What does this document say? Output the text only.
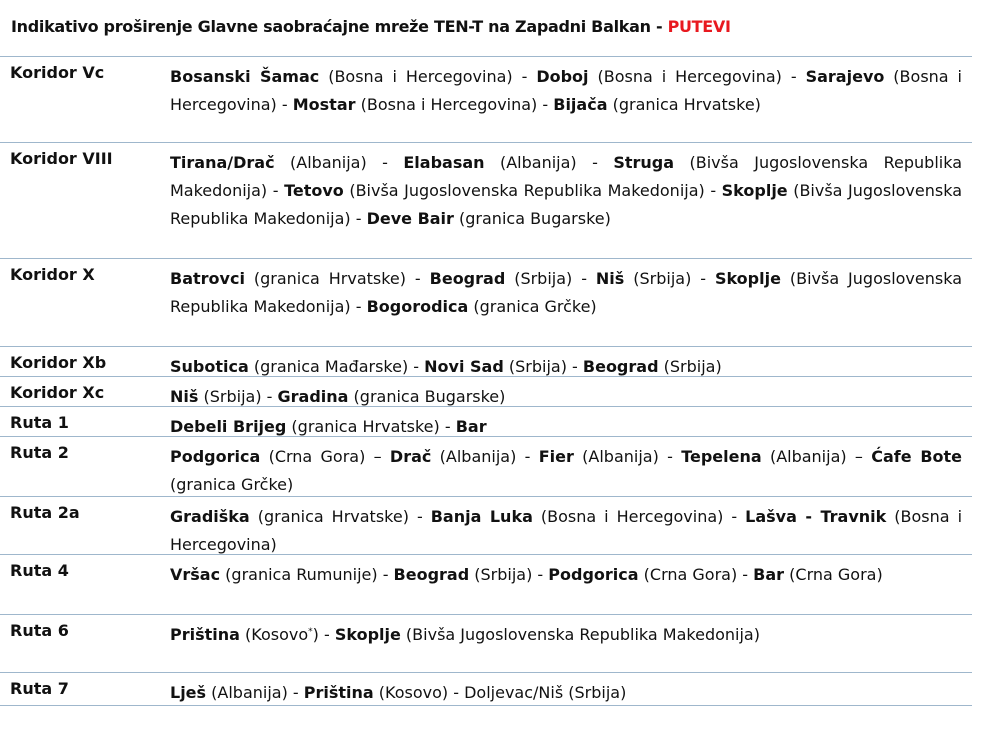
Indikativo proširenje Glavne saobraćajne mreže TEN-T na Zapadni Balkan - PUTEVI
Koridor Vc	Bosanski Šamac (Bosna i Hercegovina) - Doboj (Bosna i Hercegovina) - Sarajevo (Bosna i Hercegovina) - Mostar (Bosna i Hercegovina) - Bijača (granica Hrvatske)
Koridor VIII	Tirana/Drač (Albanija) - Elabasan (Albanija) - Struga (Bivša Jugoslovenska Republika Makedonija) - Tetovo (Bivša Jugoslovenska Republika Makedonija) - Skoplje (Bivša Jugoslovenska Republika Makedonija) - Deve Bair (granica Bugarske)
Koridor X	Batrovci (granica Hrvatske) - Beograd (Srbija) - Niš (Srbija) - Skoplje (Bivša Jugoslovenska Republika Makedonija) - Bogorodica (granica Grčke)
Koridor Xb	Subotica (granica Mađarske) - Novi Sad (Srbija) - Beograd (Srbija)
Koridor Xc	Niš (Srbija) - Gradina (granica Bugarske)
Ruta 1	Debeli Brijeg (granica Hrvatske) - Bar
Ruta 2	Podgorica (Crna Gora) – Drač (Albanija) - Fier (Albanija) - Tepelena (Albanija) – Ćafe Bote (granica Grčke)
Ruta 2a	Gradiška (granica Hrvatske) - Banja Luka (Bosna i Hercegovina) - Lašva - Travnik (Bosna i Hercegovina)
Ruta 4	Vršac (granica Rumunije) - Beograd (Srbija) - Podgorica (Crna Gora) - Bar (Crna Gora)
Ruta 6	Priština (Kosovo*) - Skoplje (Bivša Jugoslovenska Republika Makedonija)
Ruta 7	Lješ (Albanija) - Priština (Kosovo) - Doljevac/Niš (Srbija)
